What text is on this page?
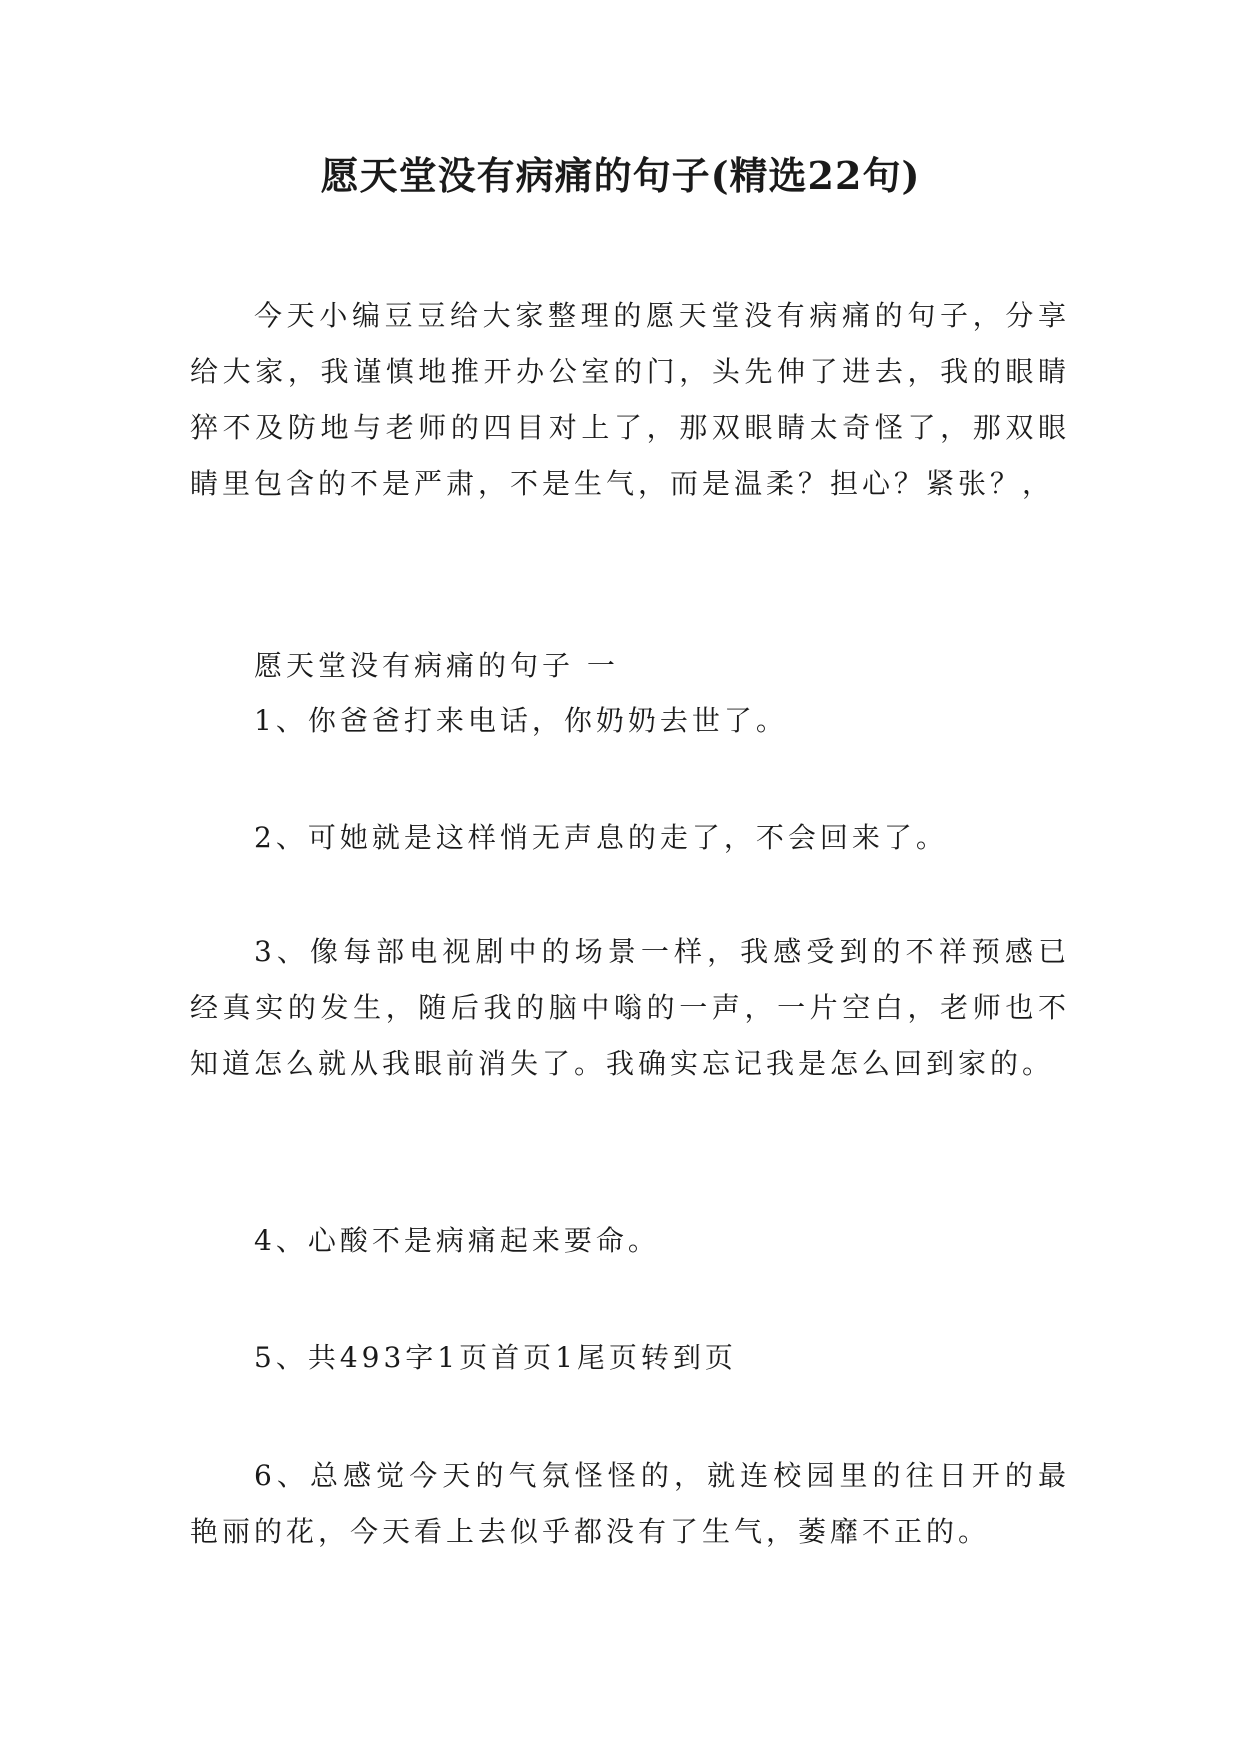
愿天堂没有病痛的句子(精选22句)

今天小编豆豆给大家整理的愿天堂没有病痛的句子，分享给大家，我谨慎地推开办公室的门，头先伸了进去，我的眼睛猝不及防地与老师的四目对上了，那双眼睛太奇怪了，那双眼睛里包含的不是严肃，不是生气，而是温柔？担心？紧张？，

愿天堂没有病痛的句子 一

1、你爸爸打来电话，你奶奶去世了。

2、可她就是这样悄无声息的走了，不会回来了。

3、像每部电视剧中的场景一样，我感受到的不祥预感已经真实的发生，随后我的脑中嗡的一声，一片空白，老师也不知道怎么就从我眼前消失了。我确实忘记我是怎么回到家的。

4、心酸不是病痛起来要命。

5、共493字1页首页1尾页转到页

6、总感觉今天的气氛怪怪的，就连校园里的往日开的最艳丽的花，今天看上去似乎都没有了生气，萎靡不正的。
